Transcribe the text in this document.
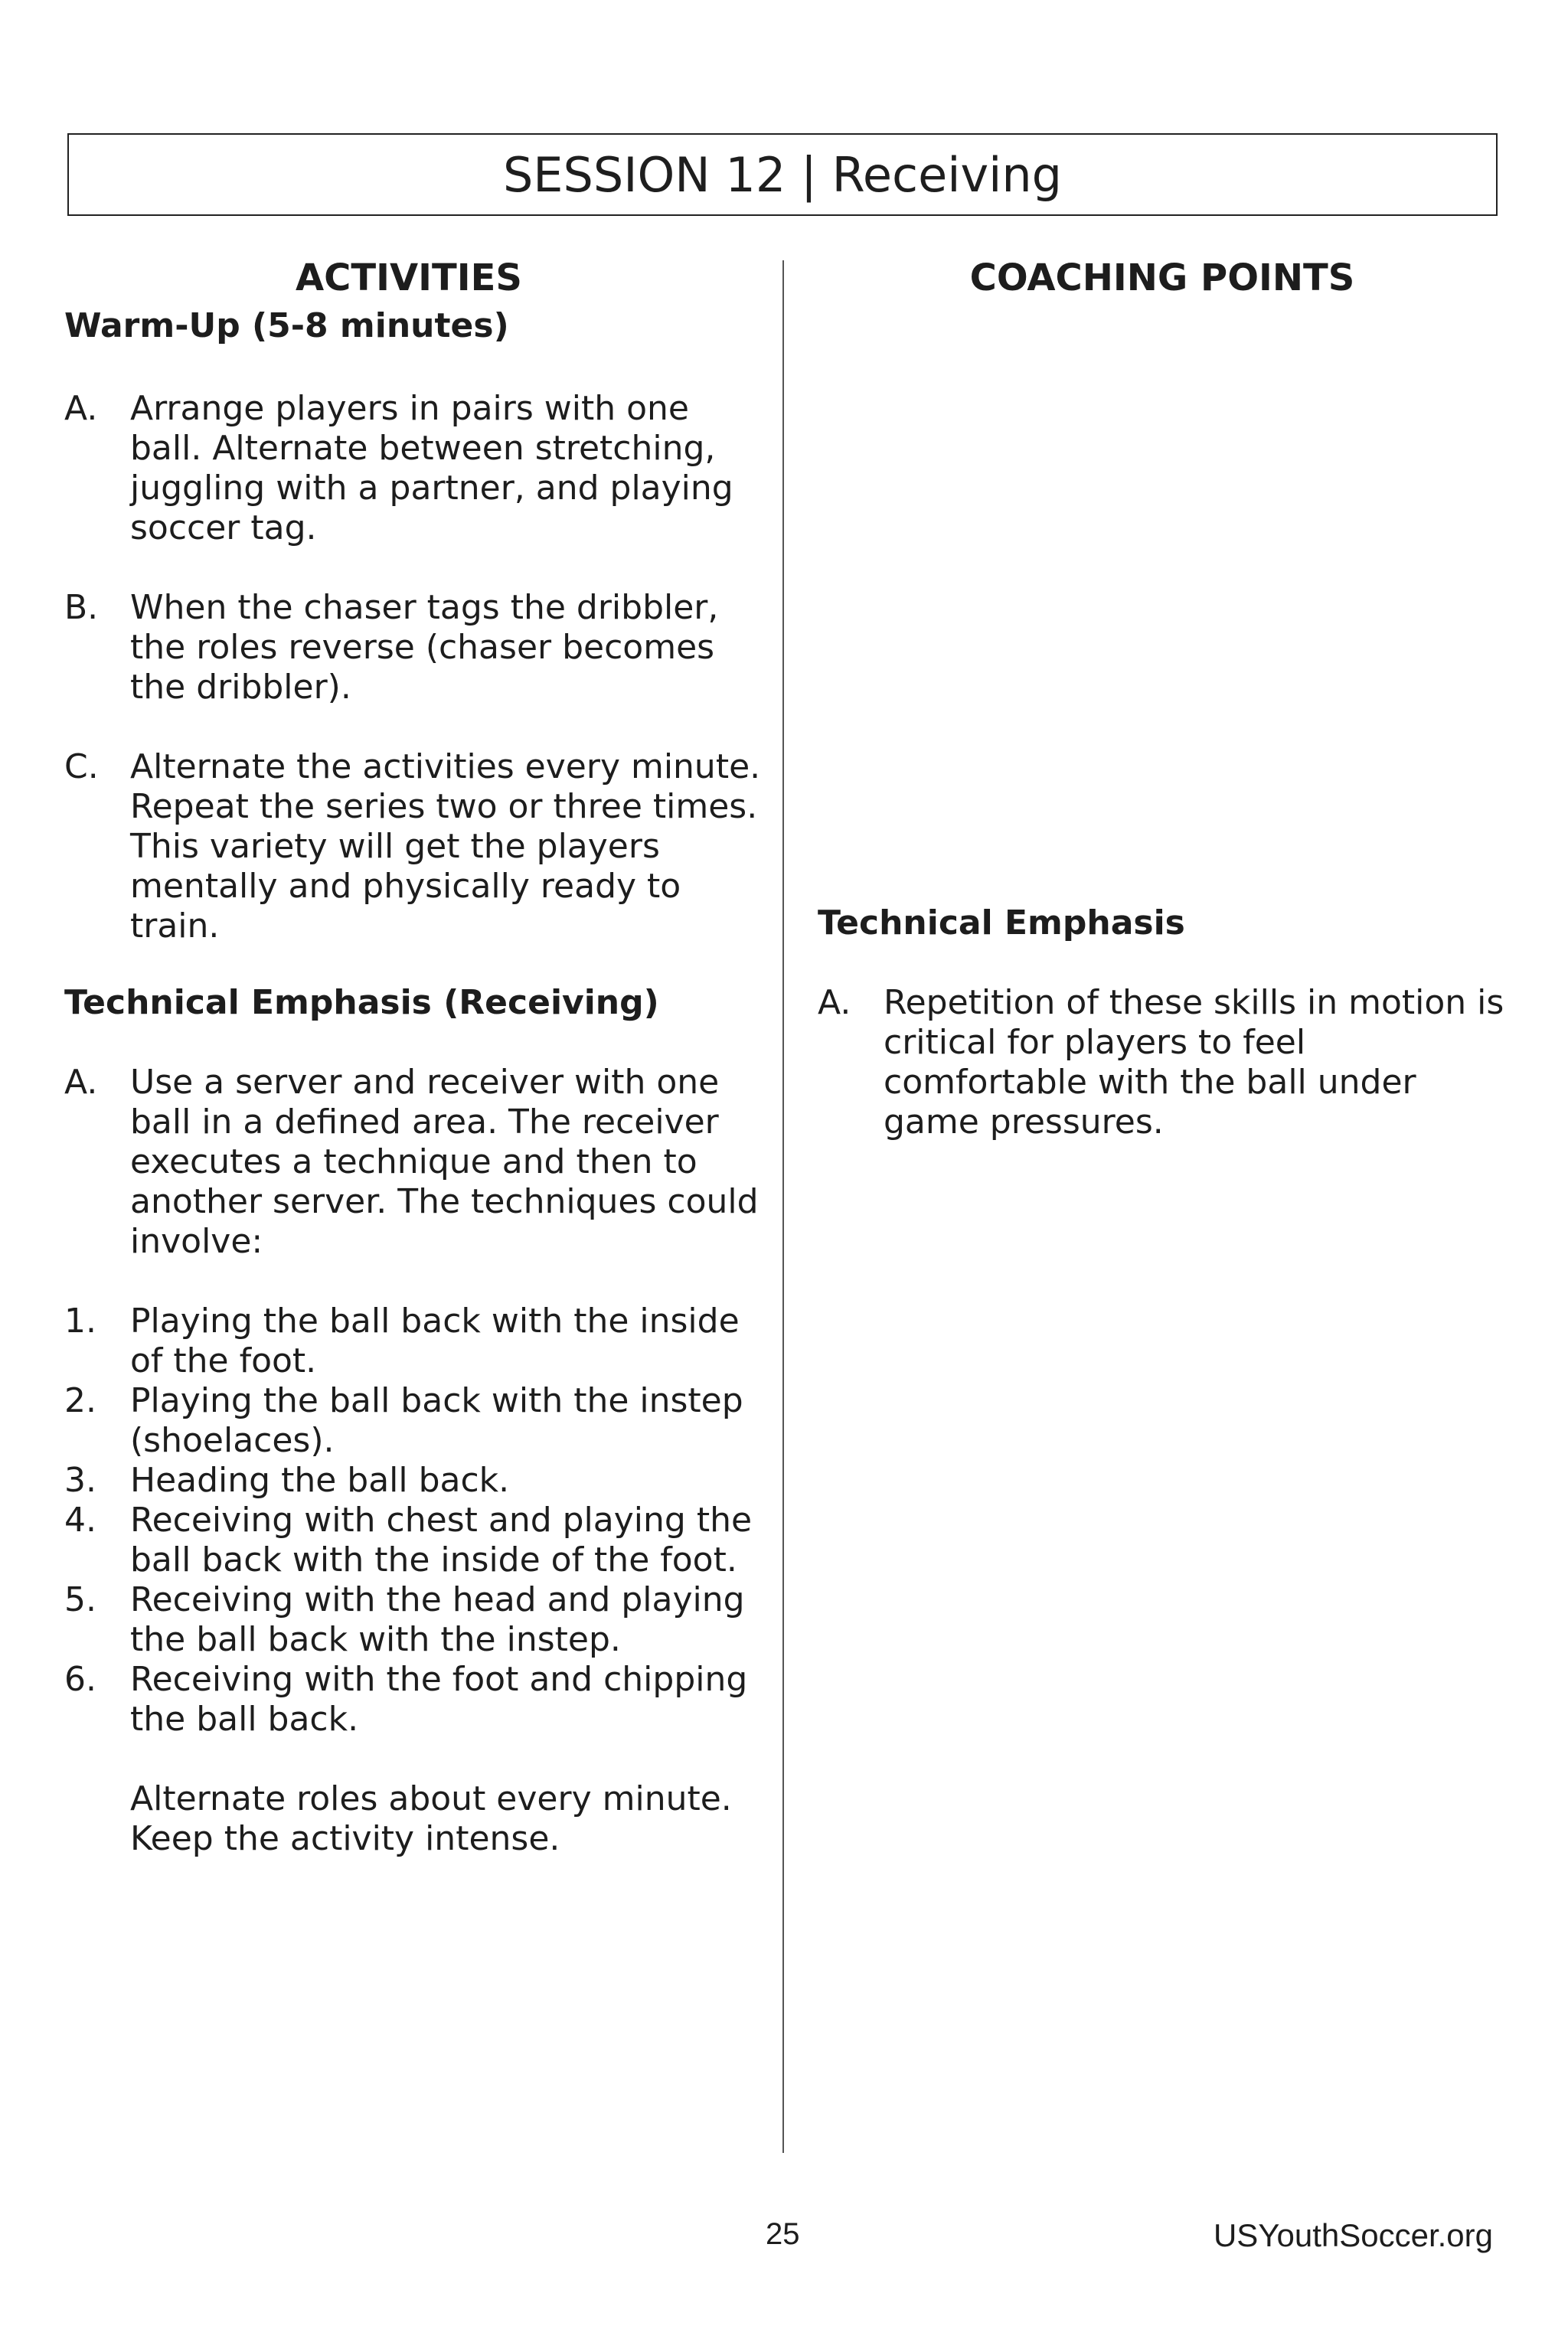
SESSION 12 | Receiving
ACTIVITIES
Warm-Up (5-8 minutes)
A. Arrange players in pairs with one ball. Alternate between stretching, juggling with a partner, and playing soccer tag.
B. When the chaser tags the dribbler, the roles reverse (chaser becomes the dribbler).
C. Alternate the activities every minute. Repeat the series two or three times. This variety will get the players mentally and physically ready to train.
Technical Emphasis (Receiving)
A. Use a server and receiver with one ball in a defined area. The receiver executes a technique and then to another server. The techniques could involve:
1.	Playing the ball back with the inside of the foot.
2.	Playing the ball back with the instep (shoelaces).
3.	Heading the ball back.
4.	Receiving with chest and playing the ball back with the inside of the foot.
5.	Receiving with the head and playing the ball back with the instep.
6.	Receiving with the foot and chipping the ball back.
Alternate roles about every minute. Keep the activity intense.
COACHING POINTS
Technical Emphasis
A. Repetition of these skills in motion is critical for players to feel comfortable with the ball under game pressures.
25	USYouthSoccer.org
